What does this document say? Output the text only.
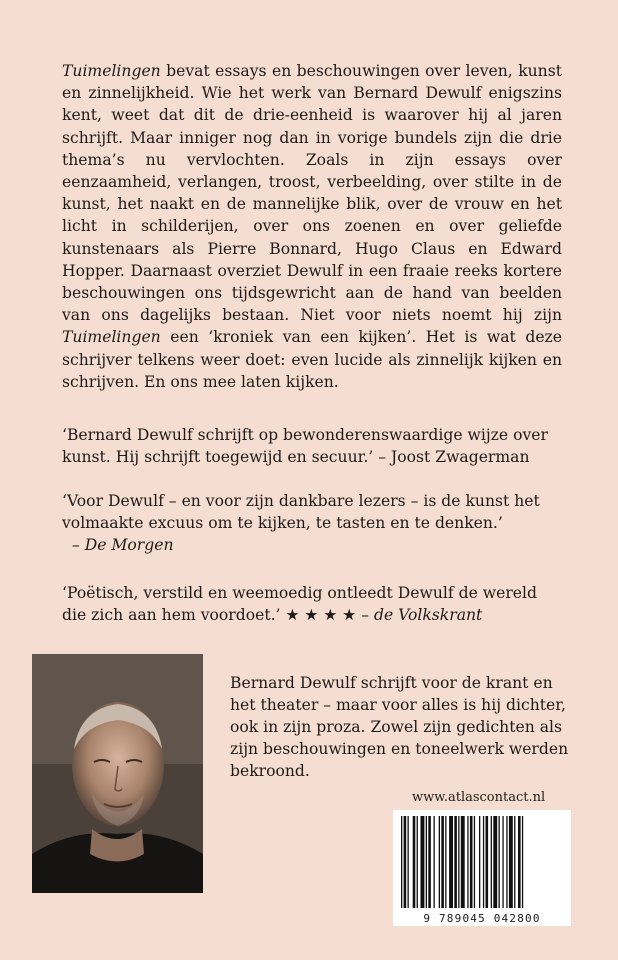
Tuimelingen bevat essays en beschouwingen over leven, kunst en zinnelijkheid. Wie het werk van Bernard Dewulf enigszins kent, weet dat dit de drie-eenheid is waarover hij al jaren schrijft. Maar inniger nog dan in vorige bundels zijn die drie thema’s nu vervlochten. Zoals in zijn essays over eenzaamheid, verlangen, troost, verbeelding, over stilte in de kunst, het naakt en de mannelijke blik, over de vrouw en het licht in schilderijen, over ons zoenen en over geliefde kunstenaars als Pierre Bonnard, Hugo Claus en Edward Hopper. Daarnaast overziet Dewulf in een fraaie reeks kortere beschouwingen ons tijdsgewricht aan de hand van beelden van ons dagelijks bestaan. Niet voor niets noemt hij zijn Tuimelingen een ‘kroniek van een kijken’. Het is wat deze schrijver telkens weer doet: even lucide als zinnelijk kijken en schrijven. En ons mee laten kijken.

‘Bernard Dewulf schrijft op bewonderenswaardige wijze over kunst. Hij schrijft toegewijd en secuur.’ – Joost Zwagerman

‘Voor Dewulf – en voor zijn dankbare lezers – is de kunst het volmaakte excuus om te kijken, te tasten en te denken.’
– De Morgen

‘Poëtisch, verstild en weemoedig ontleedt Dewulf de wereld die zich aan hem voordoet.’ ★ ★ ★ ★ – de Volkskrant

Bernard Dewulf schrijft voor de krant en het theater – maar voor alles is hij dichter, ook in zijn proza. Zowel zijn gedichten als zijn beschouwingen en toneelwerk werden bekroond.

www.atlascontact.nl
9 789045 042800
